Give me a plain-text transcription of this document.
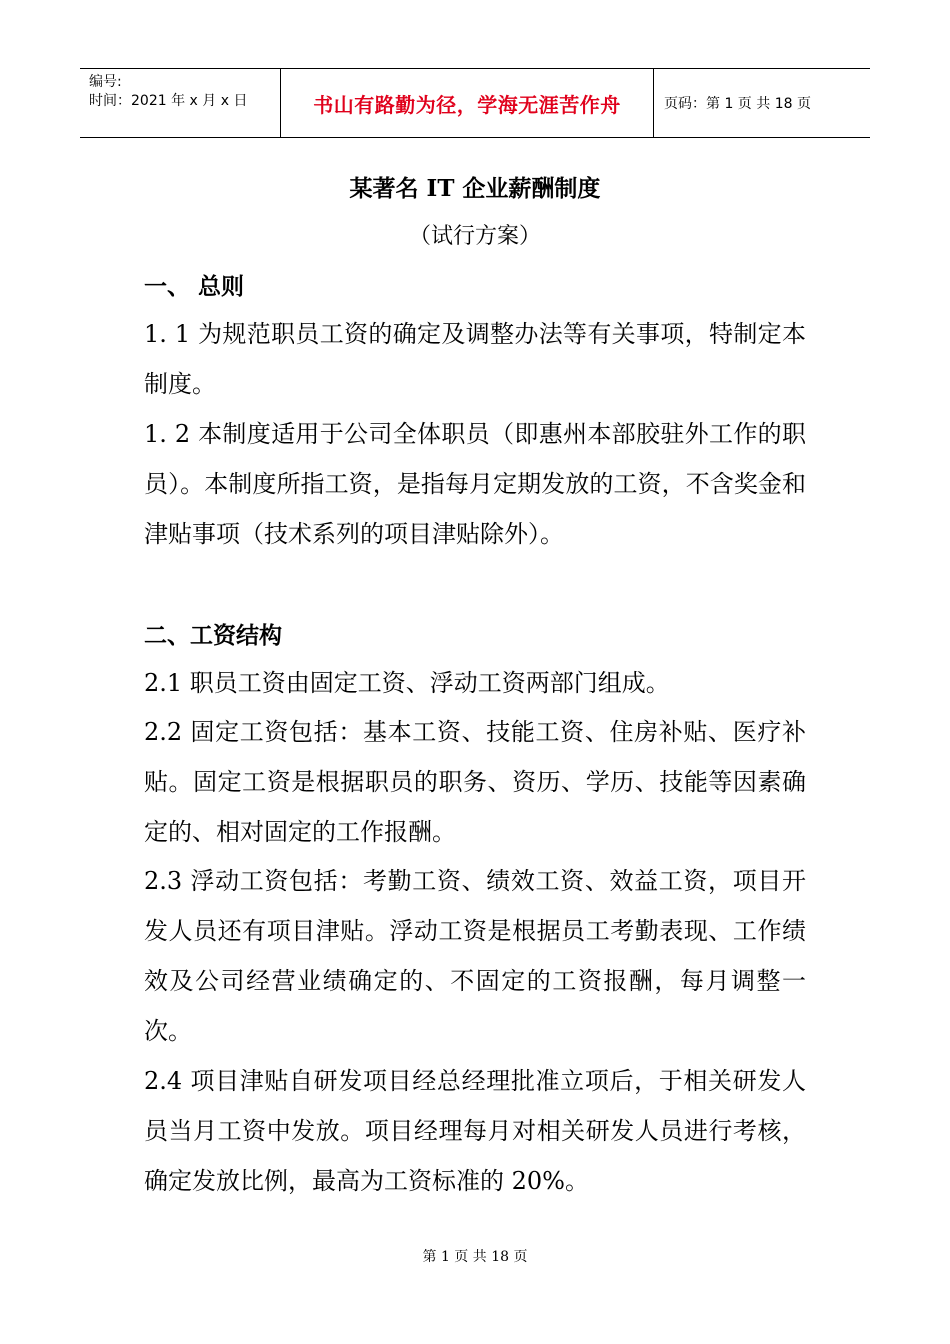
编号:
时间：2021 年 x 月 x 日	书山有路勤为径，学海无涯苦作舟	页码：第 1 页 共 18 页
某著名 IT 企业薪酬制度
（试行方案）
一、 总则

1. 1 为规范职员工资的确定及调整办法等有关事项，特制定本制度。

1. 2 本制度适用于公司全体职员（即惠州本部胶驻外工作的职员）。本制度所指工资，是指每月定期发放的工资，不含奖金和津贴事项（技术系列的项目津贴除外）。

二、工资结构

2.1 职员工资由固定工资、浮动工资两部门组成。

2.2 固定工资包括：基本工资、技能工资、住房补贴、医疗补贴。固定工资是根据职员的职务、资历、学历、技能等因素确定的、相对固定的工作报酬。

2.3 浮动工资包括：考勤工资、绩效工资、效益工资，项目开发人员还有项目津贴。浮动工资是根据员工考勤表现、工作绩效及公司经营业绩确定的、不固定的工资报酬，每月调整一次。

2.4 项目津贴自研发项目经总经理批准立项后，于相关研发人员当月工资中发放。项目经理每月对相关研发人员进行考核，确定发放比例，最高为工资标准的 20%。

第 1 页 共 18 页
